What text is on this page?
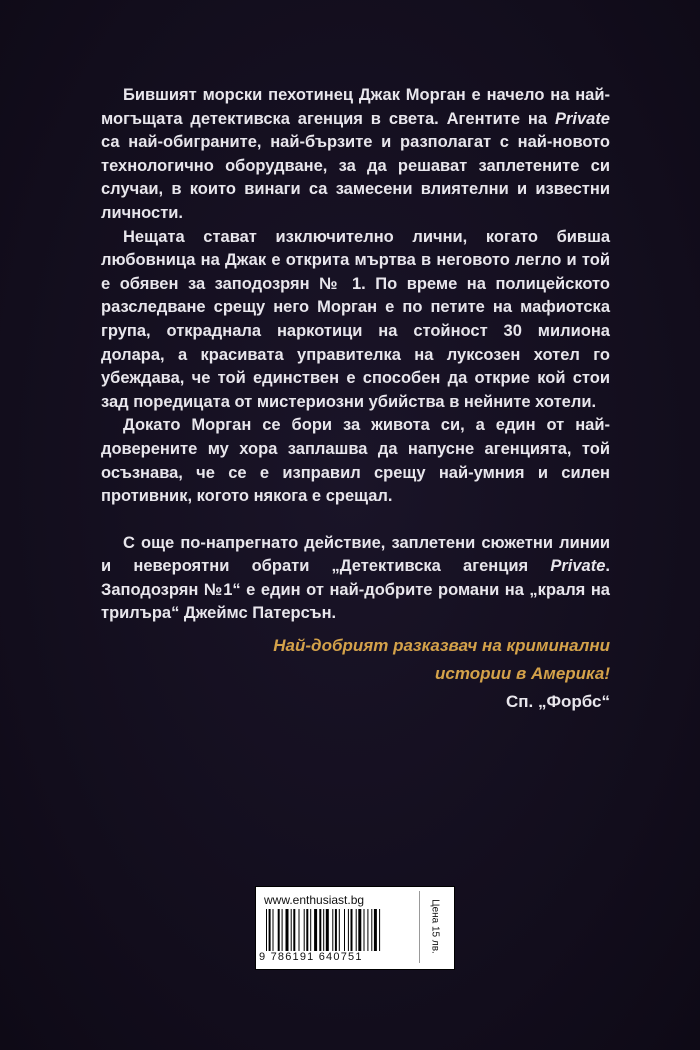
Бившият морски пехотинец Джак Морган е начело на най-могъщата детективска агенция в света. Агентите на Private са най-обиграните, най-бързите и разполагат с най-новото технологично оборудване, за да решават заплетените си случаи, в които винаги са замесени влиятелни и известни личности.

Нещата стават изключително лични, когато бивша любовница на Джак е открита мъртва в неговото легло и той е обявен за заподозрян № 1. По време на полицейското разследване срещу него Морган е по петите на мафиотска група, откраднала наркотици на стойност 30 милиона долара, а красивата управителка на луксозен хотел го убеждава, че той единствен е способен да открие кой стои зад поредицата от мистериозни убийства в нейните хотели.

Докато Морган се бори за живота си, а един от най-доверените му хора заплашва да напусне агенцията, той осъзнава, че се е изправил срещу най-умния и силен противник, когото някога е срещал.

С още по-напрегнато действие, заплетени сюжетни линии и невероятни обрати „Детективска агенция Private. Заподозрян №1“ е един от най-добрите романи на „краля на трилъра“ Джеймс Патерсън.

Най-добрият разказвач на криминални
истории в Америка!
Сп. „Форбс“
www.enthusiast.bg
9 786191 640751
Цена 15 лв.
